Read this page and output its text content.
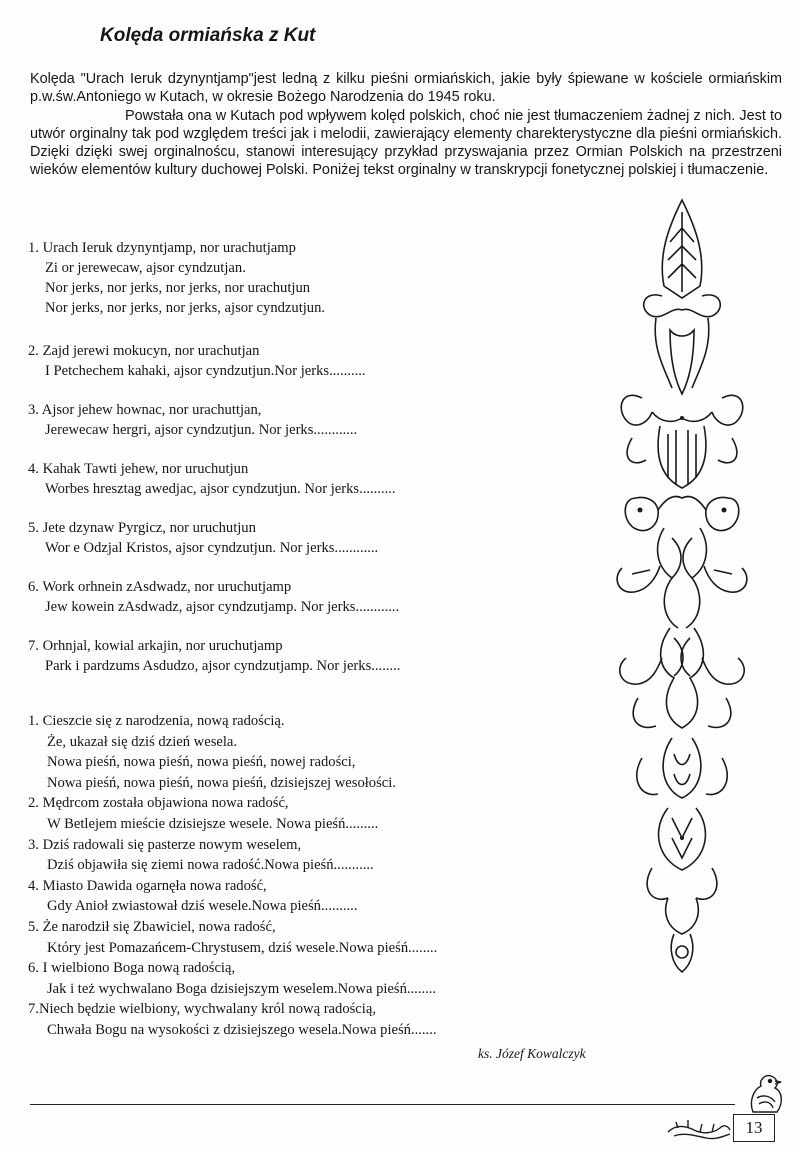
Kolęda ormiańska z Kut

Kolęda "Urach Ieruk dzynyntjamp"jest ledną z kilku pieśni ormiańskich, jakie były śpiewane w kościele ormiańskim p.w.św.Antoniego w Kutach, w okresie Bożego Narodzenia do 1945 roku.

Powstała ona w Kutach pod wpływem kolęd polskich, choć nie jest tłumaczeniem żadnej z nich. Jest to utwór orginalny tak pod względem treści jak i melodii, zawierający elementy charekterystyczne dla pieśni ormiańskich. Dzięki dzięki swej orginalnoścu, stanowi interesujący przykład przyswajania przez Ormian Polskich na przestrzeni wieków elementów kultury duchowej Polski. Poniżej tekst orginalny w transkrypcji fonetycznej polskiej i tłumaczenie.

1. Urach Ieruk dzynyntjamp, nor urachutjamp
Zi or jerewecaw, ajsor cyndzutjan.
Nor jerks, nor jerks, nor jerks, nor urachutjun
Nor jerks, nor jerks, nor jerks, ajsor cyndzutjun.
2. Zajd jerewi mokucyn, nor urachutjan
I Petchechem kahaki, ajsor cyndzutjun.Nor jerks..........
3. Ajsor jehew hownac, nor urachuttjan,
Jerewecaw hergri, ajsor cyndzutjun. Nor jerks............
4. Kahak Tawti jehew, nor uruchutjun
Worbes hresztag awedjac, ajsor cyndzutjun. Nor jerks..........
5. Jete dzynaw Pyrgicz, nor uruchutjun
Wor e Odzjal Kristos, ajsor cyndzutjun. Nor jerks............
6. Work orhnein zAsdwadz, nor uruchutjamp
Jew kowein zAsdwadz, ajsor cyndzutjamp. Nor jerks............
7. Orhnjal, kowial arkajin, nor uruchutjamp
Park i pardzums Asdudzo, ajsor cyndzutjamp. Nor jerks........
1. Cieszcie się z narodzenia, nową radością.
Że, ukazał się dziś dzień wesela.
Nowa pieśń, nowa pieśń, nowa pieśń, nowej radości,
Nowa pieśń, nowa pieśń, nowa pieśń, dzisiejszej wesołości.
2. Mędrcom została objawiona nowa radość,
W Betlejem mieście dzisiejsze wesele. Nowa pieśń.........
3. Dziś radowali się pasterze nowym weselem,
Dziś objawiła się ziemi nowa radość.Nowa pieśń...........
4. Miasto Dawida ogarnęła nowa radość,
Gdy Anioł zwiastował dziś wesele.Nowa pieśń..........
5. Że narodził się Zbawiciel, nowa radość,
Który jest Pomazańcem-Chrystusem, dziś wesele.Nowa pieśń........
6. I wielbiono Boga nową radością,
Jak i też wychwalano Boga dzisiejszym weselem.Nowa pieśń........
7.Niech będzie wielbiony, wychwalany król nową radością,
Chwała Bogu na wysokości z dzisiejszego wesela.Nowa pieśń.......
ks. Józef Kowalczyk
13
